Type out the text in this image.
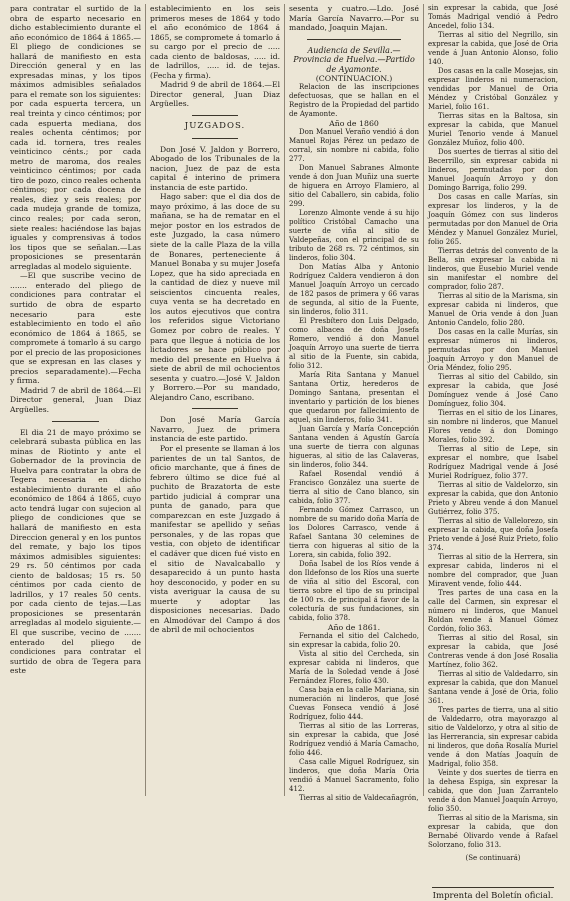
para contratar el surtido de la obra de esparto necesario en dicho establecimiento durante el año económico de 1864 á 1865.—El pliego de condiciones se hallará de manifiesto en esta Dirección general y en las expresadas minas, y los tipos máximos admisibles señalados para el remate son los siguientes: por cada espuerta tercera, un real treinta y cinco céntimos; por cada espuerta mediana, dos reales ochenta céntimos; por cada id. tornera, tres reales veinticinco cénts.; por cada metro de maroma, dos reales veinticinco céntimos; por cada tiro de pozo, cinco reales ochenta céntimos; por cada docena de reales, diez y seis reales; por cada mudeja grande de tomiza, cinco reales; por cada seron, siete reales: haciéndose las bajas iguales y comprensivas á todos los tipos que se señalan.—Las proposiciones se presentarán arregladas al modelo siguiente.

—El que suscribe vecino de ....... enterado del pliego de condiciones para contratar el surtido de obra de esparto necesario para este establecimiento en todo el año económico de 1864 á 1865, se compromete á tomarlo á su cargo por el precio de las proposiciones que se expresan en las clases y precios separadamente).—Fecha y firma.

Madrid 7 de abril de 1864.—El Director general, Juan Diaz Argüelles.

El dia 21 de mayo próximo se celebrará subasta pública en las minas de Riotinto y ante el Gobernador de la provincia de Huelva para contratar la obra de Tegera necesaria en dicho establecimiento durante el año económico de 1864 á 1865, cuyo acto tendrá lugar con sujecion al pliego de condiciones que se hallará de manifiesto en esta Direccion general y en los puntos del remate, y bajo los tipos máximos admisibles siguientes: 29 rs. 50 céntimos por cada ciento de baldosas; 15 rs. 50 céntimos por cada ciento de ladrillos, y 17 reales 50 cents. por cada ciento de tejas.—Las proposiciones se presentarán arregladas al modelo siguiente.—El que suscribe, vecino de ....... enterado del pliego de condiciones para contratar el surtido de obra de Tegera para este

establecimiento en los seis primeros meses de 1864 y todo el año económico de 1864 á 1865, se compromete á tomarlo á su cargo por el precio de ..... cada ciento de baldosas, ..... id. de ladrillos, ..... id. de tejas. (Fecha y firma).

Madrid 9 de abril de 1864.—El Director general, Juan Diaz Argüelles.

JUZGADOS.

Don José V. Jaldon y Borrero, Abogado de los Tribunales de la nacion, Juez de paz de esta capital é interino de primera instancia de este partido.

Hago saber: que el dia dos de mayo próximo, á las doce de su mañana, se ha de rematar en el mejor postor en los estrados de este Juzgado, la casa número siete de la calle Plaza de la villa de Bonares, perteneciente á Manuel Bonaba y su mujer Josefa Lopez, que ha sido apreciada en la cantidad de diez y nueve mil seiscientos cincuenta reales, cuya venta se ha decretado en los autos ejecutivos que contra los referidos sigue Victoriano Gomez por cobro de reales. Y para que llegue á noticia de los lictadores se hace público por medio del presente en Huelva á siete de abril de mil ochocientos sesenta y cuatro.—José V. Jaldon y Borrero.—Por su mandado, Alejandro Cano, escribano.

Don José María García Navarro, Juez de primera instancia de este partido.

Por el presente se llaman á los parientes de un tal Santos, de oficio marchante, que á fines de febrero último se dice fué al puchito de Brazatorta de este partido judicial á comprar una punta de ganado, para que comparezcan en este Juzgado á manifestar se apellido y señas personales, y de las ropas que vestia, con objeto de identificar el cadáver que dicen fué visto en el sitio de Navalcaballo y desaparecido á un punto hasta hoy desconocido, y poder en su vista averiguar la causa de su muerte y adoptar las disposiciones necesarias. Dado en Almodóvar del Campo á dos de abril de mil ochocientos

sesenta y cuatro.—Ldo. José María García Navarro.—Por su mandado, Joaquin Majan.

Audiencia de Sevilla.—Provincia de Huelva.—Partido de Ayamonte.

(CONTINUACION.)

Relacion de las inscripciones defectuosas, que se hallan en el Registro de la Propiedad del partido de Ayamonte.

Año de 1860

Don Manuel Veraño vendió á don Manuel Rojas Pérez un pedazo de corral, sin nombre ni cabida, folio 277.

Don Manuel Sabranes Almonte vende á don Juan Muñiz una suerte de higuera en Arroyo Flamiero, al sitio del Caballero, sin cabida, folio 299.

Lorenzo Almonte vende á su hijo político Cristóbal Camacho una suerte de viña al sitio de Valdepeñas, con el principal de su tributo de 268 rs. 72 céntimos, sin linderos, folio 304.

Don Matías Alba y Antonio Rodríguez Caldera vendieron á don Manuel Joaquín Arroyo un cercado de 182 pasos de primera y 66 varas de segunda, al sitio de la Fuente, sin linderos, folio 311.

El Presbítero don Luis Delgado, como albacea de doña Josefa Romero, vendió á don Manuel Joaquín Arroyo una suerte de tierra al sitio de la Fuente, sin cabida, folio 312.

María Rita Santana y Manuel Santana Ortiz, herederos de Domingo Santana, presentan el inventario y partición de los bienes que quedaron por fallecimiento de aquel, sin linderos, folio 341.

Juan García y María Concepción Santana venden á Agustín García una suerte de tierra con algunas higueras, al sitio de las Calaveras, sin linderos, folio 344.

Rafael Rosendal vendió á Francisco González una suerte de tierra al sitio de Cano blanco, sin cabida, folio 377.

Fernando Gómez Carrasco, un nombre de su marido doña María de los Dolores Carrasco, vende á Rafael Santana 30 celemines de tierra con higueras al sitio de la Lorera, sin cabida, folio 392.

Doña Isabel de los Ríos vende á don Ildefonso de los Ríos una suerte de viña al sitio del Escoral, con tierra sobre el tipo de su principal de 100 rs. de principal á favor de la colecturía de sus fundaciones, sin cabida, folio 378.

Año de 1861.

Fernanda el sitio del Calchedo, sin expresar la cabida, folio 20.

Vista al sitio del Cercheda, sin expresar cabida ni linderos, que María de la Soledad vende á José Fernández Flores, folio 430.

Casa baja en la calle Mariana, sin numeración ni linderos, que José Cuevas Fonseca vendió á José Rodríguez, folio 444.

Tierras al sitio de las Lorreras, sin expresar la cabida, que José Rodríguez vendió á María Camacho, folio 446.

Casa calle Miguel Rodríguez, sin linderos, que doña María Oria vendió á Manuel Sacramento, folio 412.

Tierras al sitio de Valdecañagrón,

sin expresar la cabida, que José Tomás Madrigal vendió á Pedro Ancedel, folio 134.

Tierras al sitio del Negrillo, sin expresar la cabida, que José de Oria vende á Juan Antonio Alonso, folio 140.

Dos casas en la calle Mosejas, sin expresar linderos ni numeracion, vendidas por Manuel de Oria Méndez y Cristóbal González y Mariel, folio 161.

Tierras sitas en la Baltosa, sin expresar la cabida, que Manuel Muriel Tenorio vende á Manuel González Muñoz, folio 400.

Dos suertes de tierras al sitio del Becerrillo, sin expresar cabida ni linderos, permutadas por don Manuel Joaquín Arroyo y don Domingo Barriga, folio 299.

Dos casas en calle Marías, sin expresar los linderos, y la de Joaquín Gómez con sus linderos permutadas por don Manuel de Oria Méndez y Manuel González Muriel, folio 265.

Tierras detrás del convento de la Bella, sin expresar la cabida ni linderos, que Eusebio Muriel vende sin manifestar el nombre del comprador, folio 287.

Tierras al sitio de la Marisma, sin expresar cabida ni linderos, que Manuel de Oria vende á don Juan Antonio Candelo, folio 280.

Dos casas en la calle Murías, sin expresar números ni linderos, permutadas por don Manuel Joaquín Arroyo y don Manuel de Oria Méndez, folio 295.

Tierras al sitio del Cabildo, sin expresar la cabida, que José Domínguez vende á José Cano Domínguez, folio 304.

Tierras en el sitio de los Linares, sin nombre ni linderos, que Manuel Flores vende á don Domingo Morales, folio 392.

Tierras al sitio de Lepe, sin expresar el nombre, que Isabel Rodríguez Madrigal vende á José Muriel Rodríguez, folio 377.

Tierras al sitio de Valdelorzo, sin expresar la cabida, que don Antonio Prieto y Abreu vende á don Manuel Gutiérrez, folio 375.

Tierras al sitio de Vallelorezo, sin expresar la cabida, que doña Josefa Prieto vende á José Ruiz Prieto, folio 374.

Tierras al sitio de la Herrera, sin expresar cabida, linderos ni el nombre del comprador, que Juan Miravent vende, folio 444.

Tres partes de una casa en la calle del Carmen, sin expresar el número ni linderos, que Manuel Roldan vende á Manuel Gómez Cordón, folio 363.

Tierras al sitio del Rosal, sin expresar la cabida, que José Contreras vende á don José Rosalia Martínez, folio 362.

Tierras al sitio de Valdedarro, sin expresar la cabida, que don Manuel Santana vende á José de Oria, folio 361.

Tres partes de tierra, una al sitio de Valdedarro, otra mayorazgo al sitio de Valdelorzo, y otra al sitio de las Herrerancia, sin expresar cabida ni linderos, que doña Rosalía Muriel vende á don Matías Joaquín de Madrigal, folio 358.

Veinte y dos suertes de tierra en la dehesa Espiga, sin expresar la cabida, que don Juan Zarrantelo vende á don Manuel Joaquín Arroyo, folio 350.

Tierras al sitio de la Marisma, sin expresar la cabida, que don Bernabé Olivardo vende á Rafael Solorzano, folio 313.

(Se continuará)

Imprenta del Boletín oficial.
